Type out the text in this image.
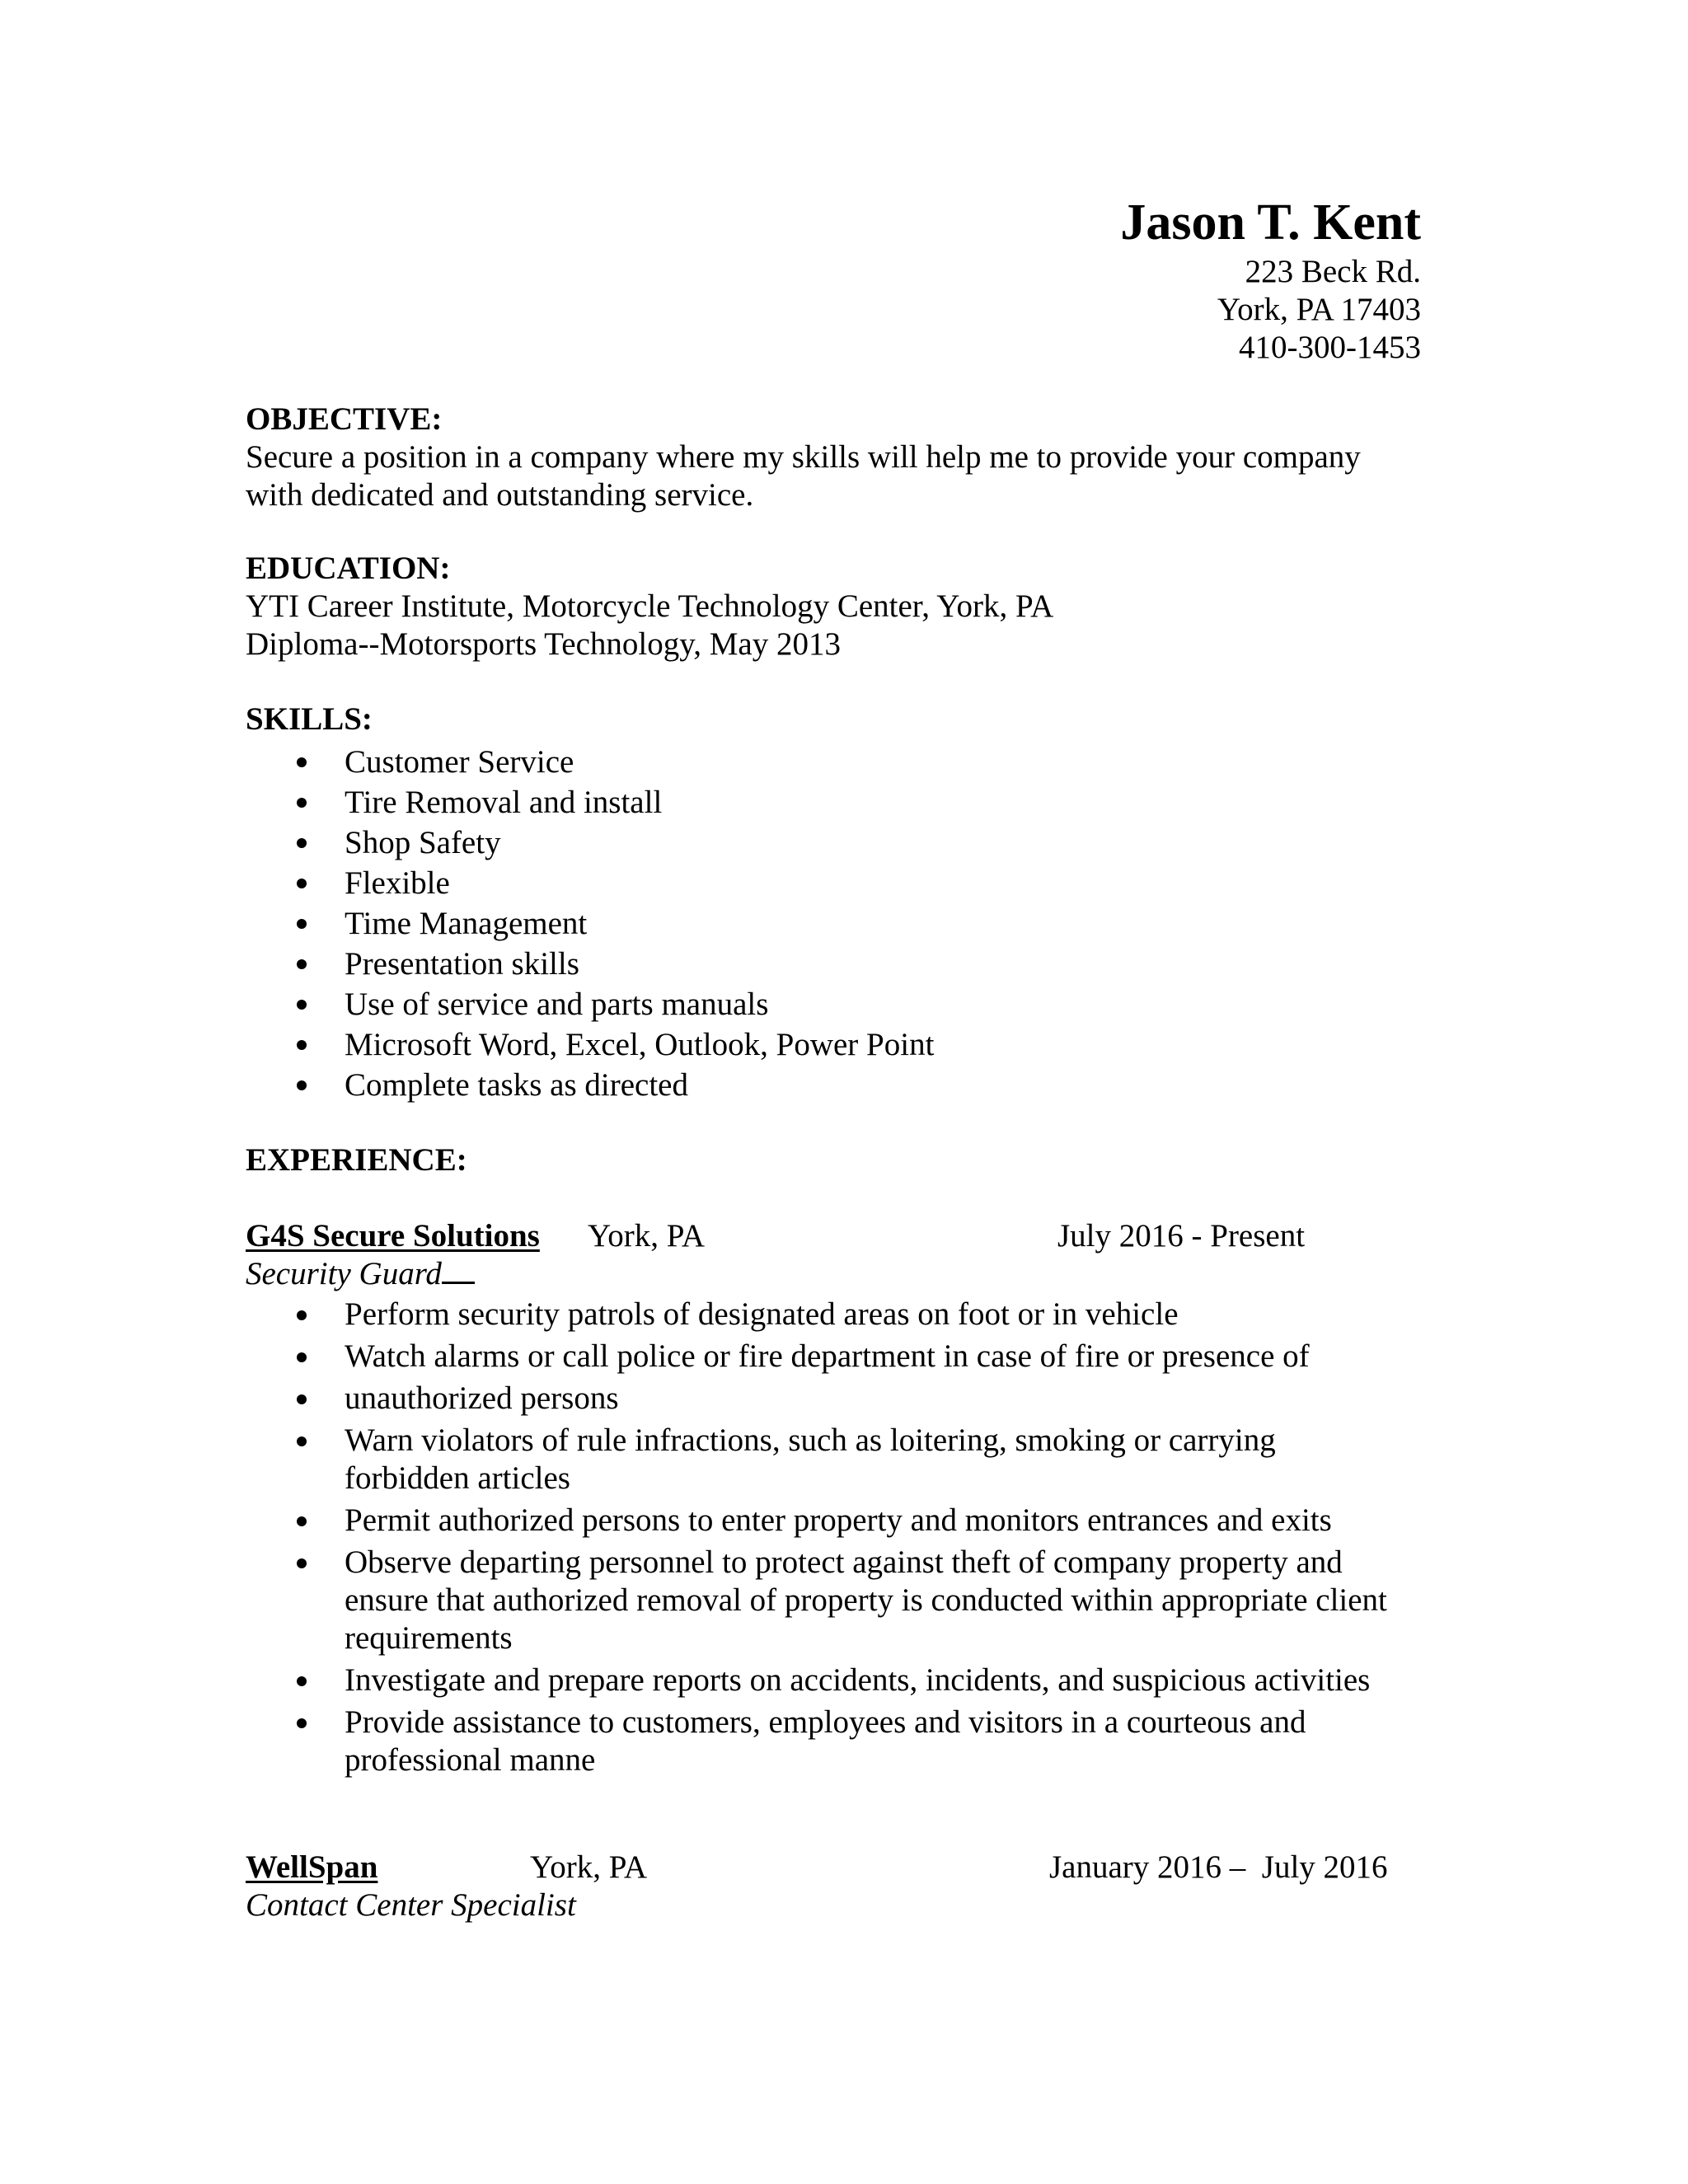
Jason T. Kent
223 Beck Rd.
York, PA 17403
410-300-1453
OBJECTIVE:
Secure a position in a company where my skills will help me to provide your company
with dedicated and outstanding service.
EDUCATION:
YTI Career Institute, Motorcycle Technology Center, York, PA
Diploma--Motorsports Technology, May 2013
SKILLS:
Customer Service
Tire Removal and install
Shop Safety
Flexible
Time Management
Presentation skills
Use of service and parts manuals
Microsoft Word, Excel, Outlook, Power Point
Complete tasks as directed
EXPERIENCE:
G4S Secure Solutions York, PA	July 2016 - Present
Security Guard
Perform security patrols of designated areas on foot or in vehicle
Watch alarms or call police or fire department in case of fire or presence of
unauthorized persons
Warn violators of rule infractions, such as loitering, smoking or carrying forbidden articles
Permit authorized persons to enter property and monitors entrances and exits
Observe departing personnel to protect against theft of company property and ensure that authorized removal of property is conducted within appropriate client requirements
Investigate and prepare reports on accidents, incidents, and suspicious activities
Provide assistance to customers, employees and visitors in a courteous and professional manne
WellSpan	York, PA	January 2016 –  July 2016
Contact Center Specialist
